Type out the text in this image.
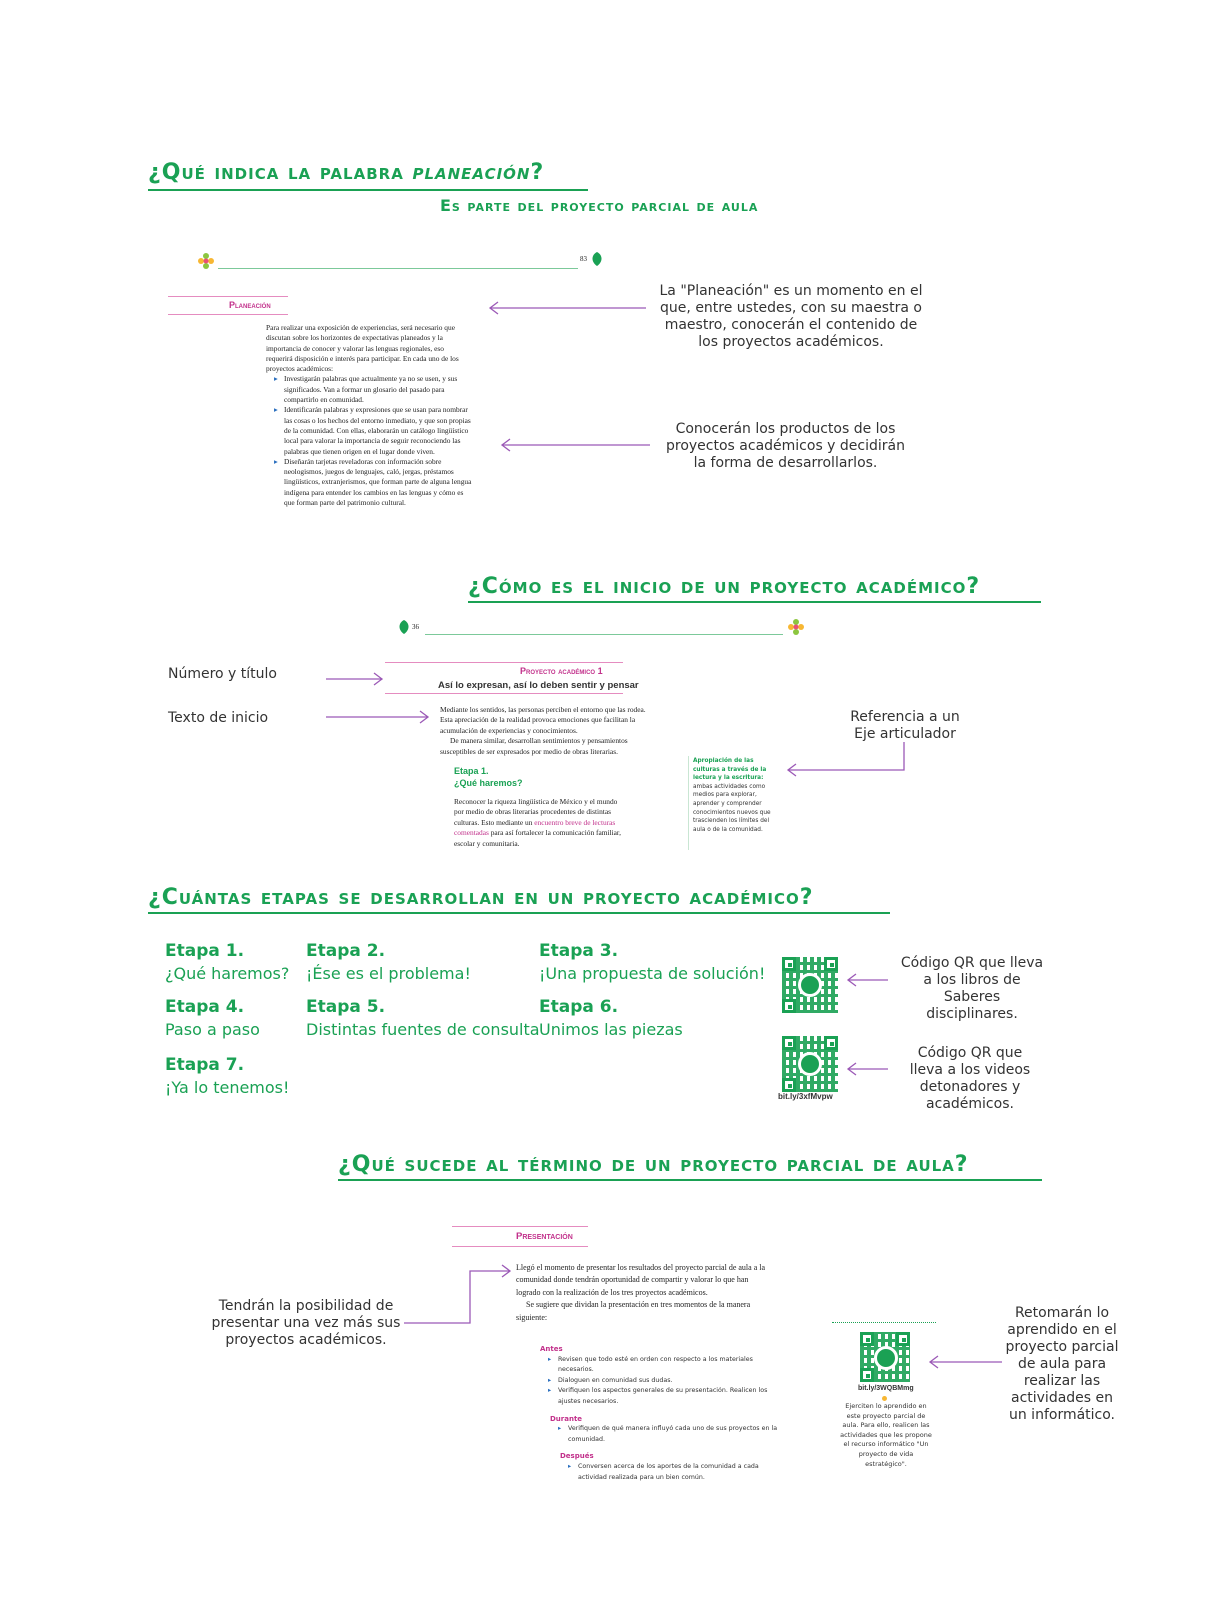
¿Qué indica la palabra planeación?
Es parte del proyecto parcial de aula
83
Planeación
Para realizar una exposición de experiencias, será necesario que discutan sobre los horizontes de expectativas planeados y la importancia de conocer y valorar las lenguas regionales, eso requerirá disposición e interés para participar. En cada uno de los proyectos académicos:
▸ Investigarán palabras que actualmente ya no se usen, y sus significados. Van a formar un glosario del pasado para compartirlo en comunidad.
▸ Identificarán palabras y expresiones que se usan para nombrar las cosas o los hechos del entorno inmediato, y que son propias de la comunidad. Con ellas, elaborarán un catálogo lingüístico local para valorar la importancia de seguir reconociendo las palabras que tienen origen en el lugar donde viven.
▸ Diseñarán tarjetas reveladoras con información sobre neologismos, juegos de lenguajes, caló, jergas, préstamos lingüísticos, extranjerismos, que forman parte de alguna lengua indígena para entender los cambios en las lenguas y cómo es que forman parte del patrimonio cultural.
La "Planeación" es un momento en el que, entre ustedes, con su maestra o maestro, conocerán el contenido de los proyectos académicos.
Conocerán los productos de los proyectos académicos y decidirán la forma de desarrollarlos.
¿Cómo es el inicio de un proyecto académico?
36
Número y título
Texto de inicio
Proyecto académico 1
Así lo expresan, así lo deben sentir y pensar
Mediante los sentidos, las personas perciben el entorno que las rodea. Esta apreciación de la realidad provoca emociones que facilitan la acumulación de experiencias y conocimientos.
De manera similar, desarrollan sentimientos y pensamientos susceptibles de ser expresados por medio de obras literarias.
Etapa 1.
¿Qué haremos?
Reconocer la riqueza lingüística de México y el mundo por medio de obras literarias procedentes de distintas culturas. Esto mediante un encuentro breve de lecturas comentadas para así fortalecer la comunicación familiar, escolar y comunitaria.
Apropiación de las culturas a través de la lectura y la escritura: ambas actividades como medios para explorar, aprender y comprender conocimientos nuevos que trascienden los límites del aula o de la comunidad.
Referencia a un Eje articulador
¿Cuántas etapas se desarrollan en un proyecto académico?
Etapa 1.
¿Qué haremos?
Etapa 2.
¡Ése es el problema!
Etapa 3.
¡Una propuesta de solución!
Etapa 4.
Paso a paso
Etapa 5.
Distintas fuentes de consulta
Etapa 6.
Unimos las piezas
Etapa 7.
¡Ya lo tenemos!
Código QR que lleva a los libros de Saberes disciplinares.
bit.ly/3xfMvpw
Código QR que lleva a los videos detonadores y académicos.
¿Qué sucede al término de un proyecto parcial de aula?
Presentación
Llegó el momento de presentar los resultados del proyecto parcial de aula a la comunidad donde tendrán oportunidad de compartir y valorar lo que han logrado con la realización de los tres proyectos académicos.
Se sugiere que dividan la presentación en tres momentos de la manera siguiente:
Antes
▸ Revisen que todo esté en orden con respecto a los materiales necesarios.
▸ Dialoguen en comunidad sus dudas.
▸ Verifiquen los aspectos generales de su presentación. Realicen los ajustes necesarios.
Durante
▸ Verifiquen de qué manera influyó cada uno de sus proyectos en la comunidad.
Después
▸ Conversen acerca de los aportes de la comunidad a cada actividad realizada para un bien común.
Tendrán la posibilidad de presentar una vez más sus proyectos académicos.
bit.ly/3WQBMmg
Ejerciten lo aprendido en este proyecto parcial de aula. Para ello, realicen las actividades que les propone el recurso informático "Un proyecto de vida estratégico".
Retomarán lo aprendido en el proyecto parcial de aula para realizar las actividades en un informático.
